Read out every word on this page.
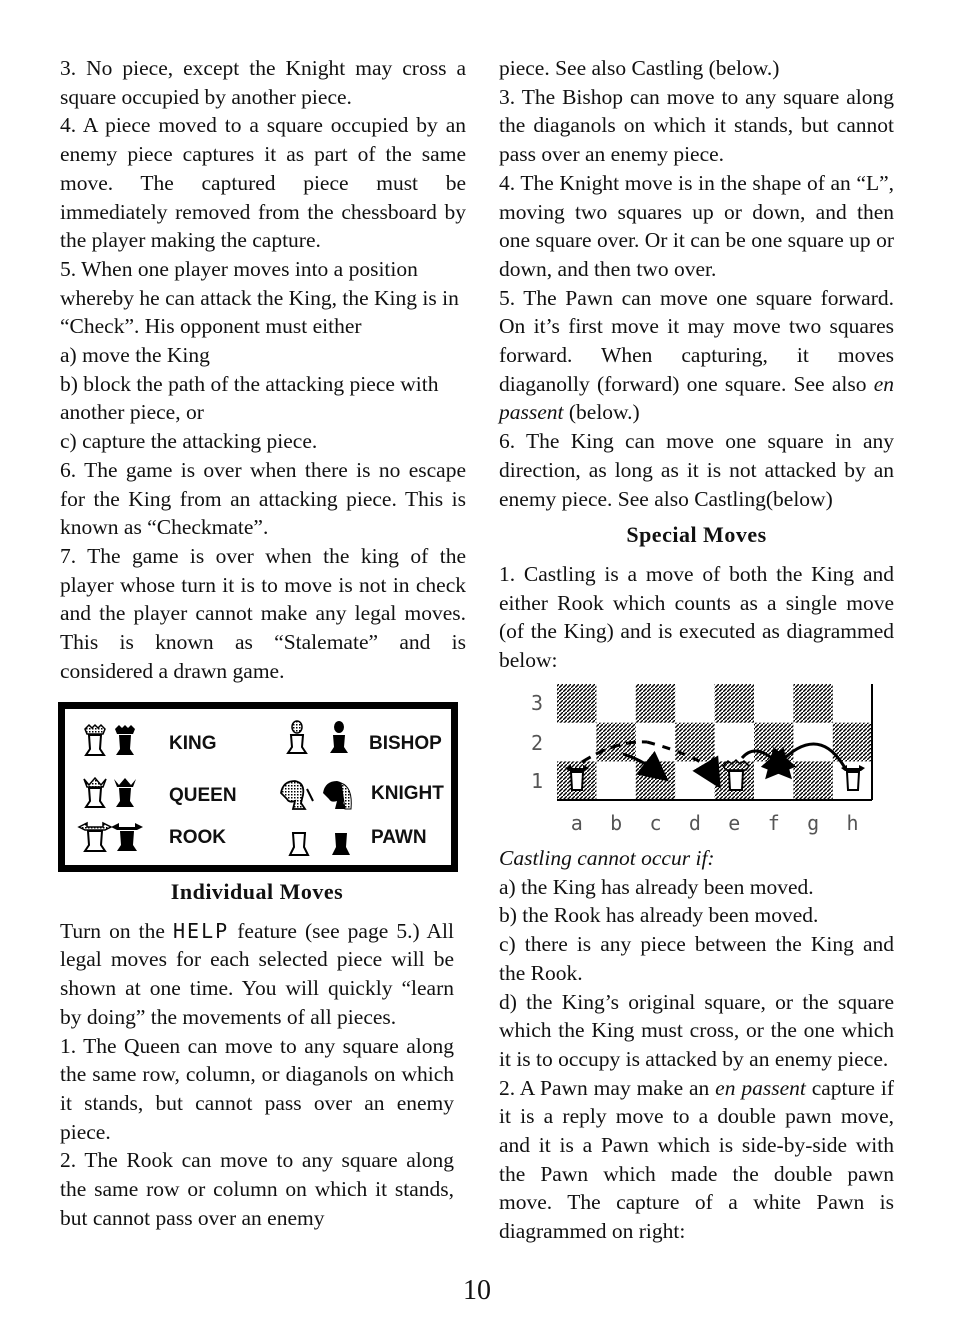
3. No piece, except the Knight may cross a square occupied by another piece.

4. A piece moved to a square occupied by an enemy piece captures it as part of the same move. The captured piece must be immediately removed from the chessboard by the player making the capture.

5. When one player moves into a position whereby he can attack the King, the King is in “Check”. His opponent must either

a) move the King

b) block the path of the attacking piece with another piece, or

c) capture the attacking piece.

6. The game is over when there is no escape for the King from an attacking piece. This is known as “Checkmate”.

7. The game is over when the king of the player whose turn it is to move is not in check and the player cannot make any legal moves. This is known as “Stalemate” and is considered a drawn game.

KING
QUEEN
ROOK
BISHOP
KNIGHT
PAWN

Individual Moves

Turn on the HELP feature (see page 5.) All legal moves for each selected piece will be shown at one time. You will quickly “learn by doing” the movements of all pieces.

1. The Queen can move to any square along the same row, column, or diaganols on which it stands, but cannot pass over an enemy piece.

2. The Rook can move to any square along the same row or column on which it stands, but cannot pass over an enemy

piece. See also Castling (below.)

3. The Bishop can move to any square along the diaganols on which it stands, but cannot pass over an enemy piece.

4. The Knight move is in the shape of an “L”, moving two squares up or down, and then one square over. Or it can be one square up or down, and then two over.

5. The Pawn can move one square forward. On it’s first move it may move two squares forward. When capturing, it moves diaganolly (forward) one square. See also en passent (below.)

6. The King can move one square in any direction, as long as it is not attacked by an enemy piece. See also Castling(below)

Special Moves

1. Castling is a move of both the King and either Rook which counts as a single move (of the King) and is executed as diagrammed below:

3
2
1
a b c d e f g h

Castling cannot occur if:

a) the King has already been moved.

b) the Rook has already been moved.

c) there is any piece between the King and the Rook.

d) the King’s original square, or the square which the King must cross, or the one which it is to occupy is attacked by an enemy piece.

2. A Pawn may make an en passent capture if it is a reply move to a double pawn move, and it is a Pawn which is side-by-side with the Pawn which made the double pawn move. The capture of a white Pawn is diagrammed on right:

10
